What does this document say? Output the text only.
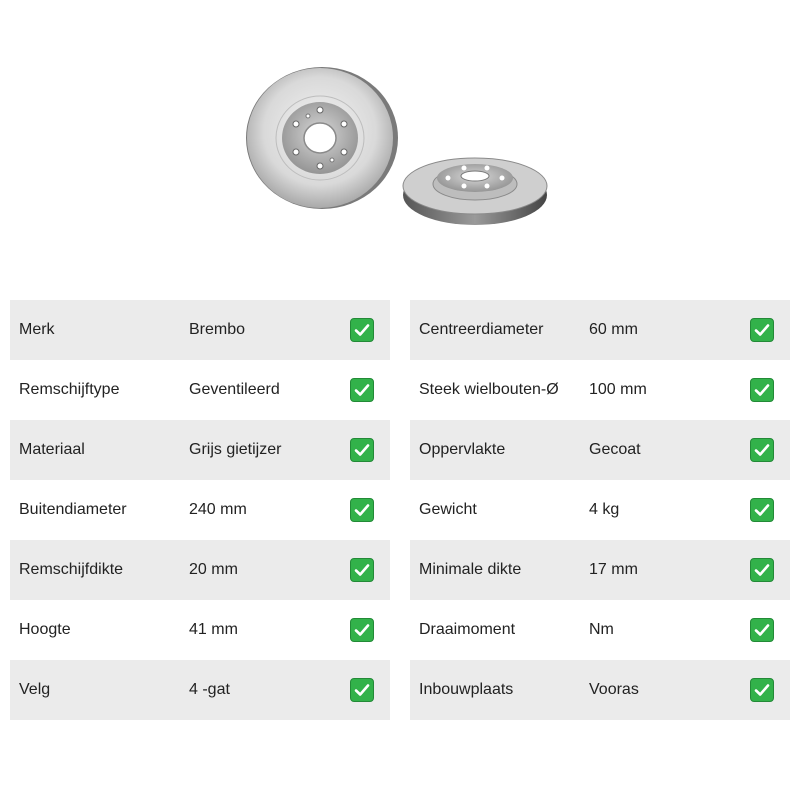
Merk	Brembo
Remschijftype	Geventileerd
Materiaal	Grijs gietijzer
Buitendiameter	240 mm
Remschijfdikte	20 mm
Hoogte	41 mm
Velg	4 -gat
Centreerdiameter	60 mm
Steek wielbouten-Ø 100 mm
Oppervlakte	Gecoat
Gewicht	4 kg
Minimale dikte	17 mm
Draaimoment	Nm
Inbouwplaats	Vooras
